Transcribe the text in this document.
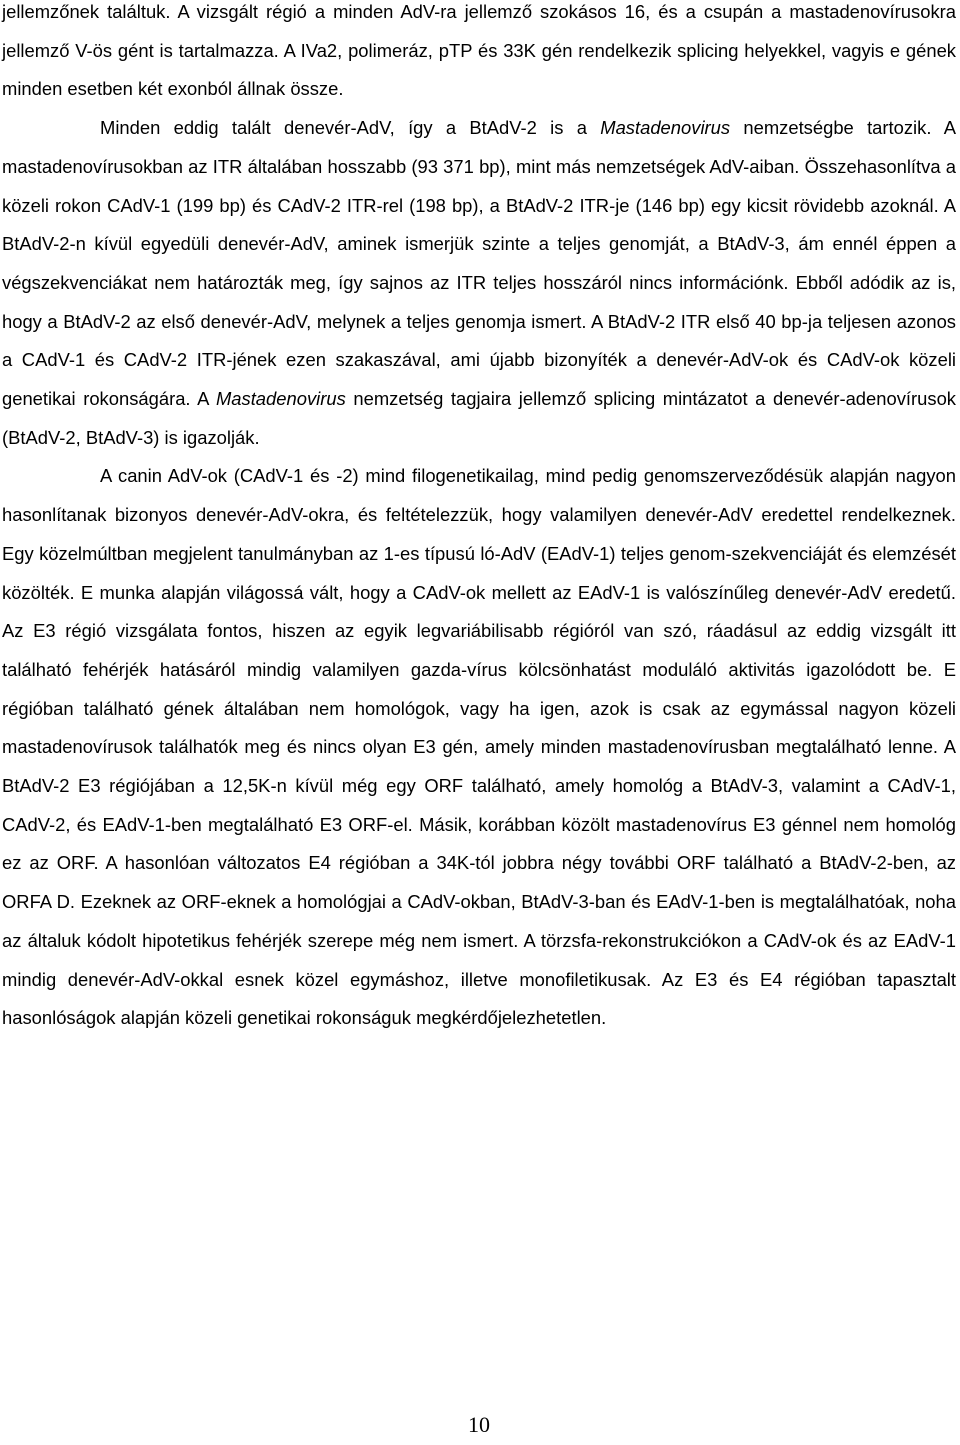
jellemzőnek találtuk. A vizsgált régió a minden AdV-ra jellemző szokásos 16, és a csupán a mastadenovírusokra jellemző V-ös gént is tartalmazza. A IVa2, polimeráz, pTP és 33K gén rendelkezik splicing helyekkel, vagyis e gének minden esetben két exonból állnak össze.

Minden eddig talált denevér-AdV, így a BtAdV-2 is a Mastadenovirus nemzetségbe tartozik. A mastadenovírusokban az ITR általában hosszabb (93 371 bp), mint más nemzetségek AdV-aiban. Összehasonlítva a közeli rokon CAdV-1 (199 bp) és CAdV-2 ITR-rel (198 bp), a BtAdV-2 ITR-je (146 bp) egy kicsit rövidebb azoknál. A BtAdV-2-n kívül egyedüli denevér-AdV, aminek ismerjük szinte a teljes genomját, a BtAdV-3, ám ennél éppen a végszekvenciákat nem határozták meg, így sajnos az ITR teljes hosszáról nincs információnk. Ebből adódik az is, hogy a BtAdV-2 az első denevér-AdV, melynek a teljes genomja ismert. A BtAdV-2 ITR első 40 bp-ja teljesen azonos a CAdV-1 és CAdV-2 ITR-jének ezen szakaszával, ami újabb bizonyíték a denevér-AdV-ok és CAdV-ok közeli genetikai rokonságára. A Mastadenovirus nemzetség tagjaira jellemző splicing mintázatot a denevér-adenovírusok (BtAdV-2, BtAdV-3) is igazolják.

A canin AdV-ok (CAdV-1 és -2) mind filogenetikailag, mind pedig genomszerveződésük alapján nagyon hasonlítanak bizonyos denevér-AdV-okra, és feltételezzük, hogy valamilyen denevér-AdV eredettel rendelkeznek. Egy közelmúltban megjelent tanulmányban az 1-es típusú ló-AdV (EAdV-1) teljes genom-szekvenciáját és elemzését közölték. E munka alapján világossá vált, hogy a CAdV-ok mellett az EAdV-1 is valószínűleg denevér-AdV eredetű. Az E3 régió vizsgálata fontos, hiszen az egyik legvariábilisabb régióról van szó, ráadásul az eddig vizsgált itt található fehérjék hatásáról mindig valamilyen gazda-vírus kölcsönhatást moduláló aktivitás igazolódott be. E régióban található gének általában nem homológok, vagy ha igen, azok is csak az egymással nagyon közeli mastadenovírusok találhatók meg és nincs olyan E3 gén, amely minden mastadenovírusban megtalálható lenne. A BtAdV-2 E3 régiójában a 12,5K-n kívül még egy ORF található, amely homológ a BtAdV-3, valamint a CAdV-1, CAdV-2, és EAdV-1-ben megtalálható E3 ORF-el. Másik, korábban közölt mastadenovírus E3 génnel nem homológ ez az ORF. A hasonlóan változatos E4 régióban a 34K-tól jobbra négy további ORF található a BtAdV-2-ben, az ORFA D. Ezeknek az ORF-eknek a homológjai a CAdV-okban, BtAdV-3-ban és EAdV-1-ben is megtalálhatóak, noha az általuk kódolt hipotetikus fehérjék szerepe még nem ismert. A törzsfa-rekonstrukciókon a CAdV-ok és az EAdV-1 mindig denevér-AdV-okkal esnek közel egymáshoz, illetve monofiletikusak. Az E3 és E4 régióban tapasztalt hasonlóságok alapján közeli genetikai rokonságuk megkérdőjelezhetetlen.

10
